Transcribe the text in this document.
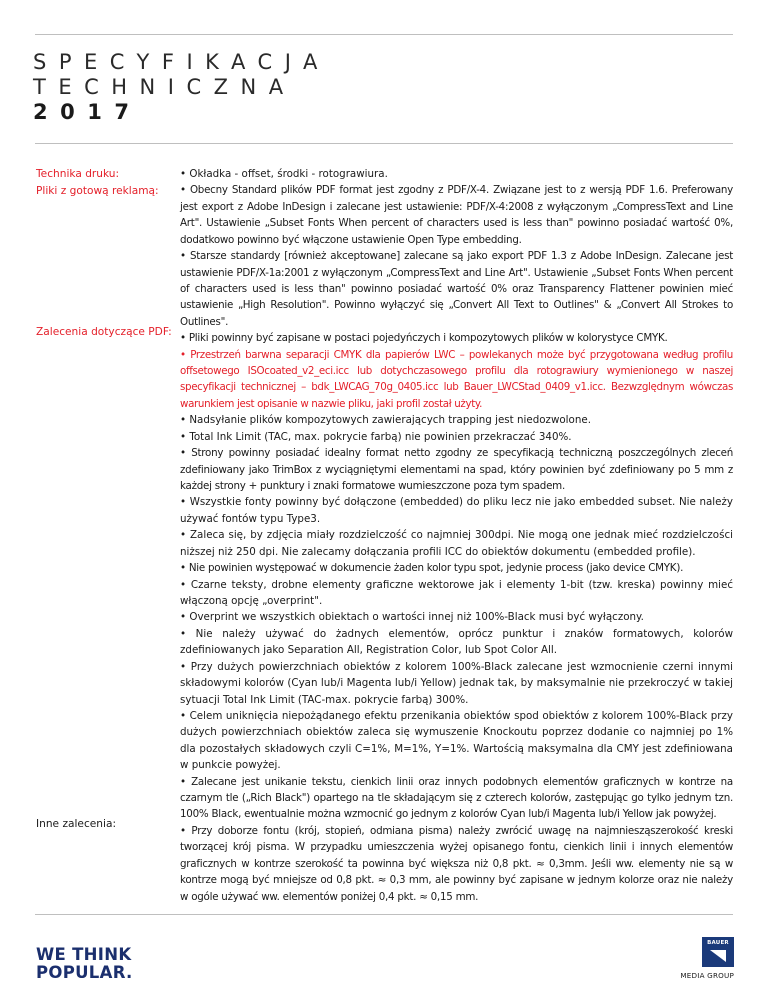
SPECYFIKACJA
TECHNICZNA
2017
Technika druku:
Pliki z gotową reklamą:
Zalecenia dotyczące PDF:
Inne zalecenia:

• Okładka - offset, środki - rotograwiura.

• Obecny Standard plików PDF format jest zgodny z PDF/X-4. Związane jest to z wersją PDF 1.6. Preferowany jest export z Adobe InDesign i zalecane jest ustawienie: PDF/X-4:2008 z wyłączonym „CompressText and Line Art". Ustawienie „Subset Fonts When percent of characters used is less than" powinno posiadać wartość 0%, dodatkowo powinno być włączone ustawienie Open Type embedding.

• Starsze standardy [również akceptowane] zalecane są jako export PDF 1.3 z Adobe InDesign. Zalecane jest ustawienie PDF/X-1a:2001 z wyłączonym „CompressText and Line Art". Ustawienie „Subset Fonts When percent of characters used is less than" powinno posiadać wartość 0% oraz Transparency Flattener powinien mieć ustawienie „High Resolution". Powinno wyłączyć się „Convert All Text to Outlines" & „Convert All Strokes to Outlines".

• Pliki powinny być zapisane w postaci pojedyńczych i kompozytowych plików w kolorystyce CMYK.

• Przestrzeń barwna separacji CMYK dla papierów LWC – powlekanych może być przygotowana według profilu offsetowego ISOcoated_v2_eci.icc lub dotychczasowego profilu dla rotograwiury wymienionego w naszej specyfikacji technicznej – bdk_LWCAG_70g_0405.icc lub Bauer_LWCStad_0409_v1.icc. Bezwzględnym wówczas warunkiem jest opisanie w nazwie pliku, jaki profil został użyty.

• Nadsyłanie plików kompozytowych zawierających trapping jest niedozwolone.

• Total Ink Limit (TAC, max. pokrycie farbą) nie powinien przekraczać 340%.

• Strony powinny posiadać idealny format netto zgodny ze specyfikacją techniczną poszczególnych zleceń zdefiniowany jako TrimBox z wyciągniętymi elementami na spad, który powinien być zdefiniowany po 5 mm z każdej strony + punktury i znaki formatowe wumieszczone poza tym spadem.

• Wszystkie fonty powinny być dołączone (embedded) do pliku lecz nie jako embedded subset. Nie należy używać fontów typu Type3.

• Zaleca się, by zdjęcia miały rozdzielczość co najmniej 300dpi. Nie mogą one jednak mieć rozdzielczości niższej niż 250 dpi. Nie zalecamy dołączania profili ICC do obiektów dokumentu (embedded profile).

• Nie powinien występować w dokumencie żaden kolor typu spot, jedynie process (jako device CMYK).

• Czarne teksty, drobne elementy graficzne wektorowe jak i elementy 1-bit (tzw. kreska) powinny mieć włączoną opcję „overprint".

• Overprint we wszystkich obiektach o wartości innej niż 100%-Black musi być wyłączony.

• Nie należy używać do żadnych elementów, oprócz punktur i znaków formatowych, kolorów zdefiniowanych jako Separation All, Registration Color, lub Spot Color All.

• Przy dużych powierzchniach obiektów z kolorem 100%-Black zalecane jest wzmocnienie czerni innymi składowymi kolorów (Cyan lub/i Magenta lub/i Yellow) jednak tak, by maksymalnie nie przekroczyć w takiej sytuacji Total Ink Limit (TAC-max. pokrycie farbą) 300%.

• Celem uniknięcia niepożądanego efektu przenikania obiektów spod obiektów z kolorem 100%-Black przy dużych powierzchniach obiektów zaleca się wymuszenie Knockoutu poprzez dodanie co najmniej po 1% dla pozostałych składowych czyli C=1%, M=1%, Y=1%. Wartością maksymalna dla CMY jest zdefiniowana w punkcie powyżej.

• Zalecane jest unikanie tekstu, cienkich linii oraz innych podobnych elementów graficznych w kontrze na czarnym tle („Rich Black") opartego na tle składającym się z czterech kolorów, zastępując go tylko jednym tzn. 100% Black, ewentualnie można wzmocnić go jednym z kolorów Cyan lub/i Magenta lub/i Yellow jak powyżej.

• Przy doborze fontu (krój, stopień, odmiana pisma) należy zwrócić uwagę na najmniesząszerokość kreski tworzącej krój pisma. W przypadku umieszczenia wyżej opisanego fontu, cienkich linii i innych elementów graficznych w kontrze szerokość ta powinna być większa niż 0,8 pkt. ≈ 0,3mm. Jeśli ww. elementy nie są w kontrze mogą być mniejsze od 0,8 pkt. ≈ 0,3 mm, ale powinny być zapisane w jednym kolorze oraz nie należy w ogóle używać ww. elementów poniżej 0,4 pkt. ≈ 0,15 mm.

WE THINK
POPULAR.
BAUER
MEDIA GROUP
